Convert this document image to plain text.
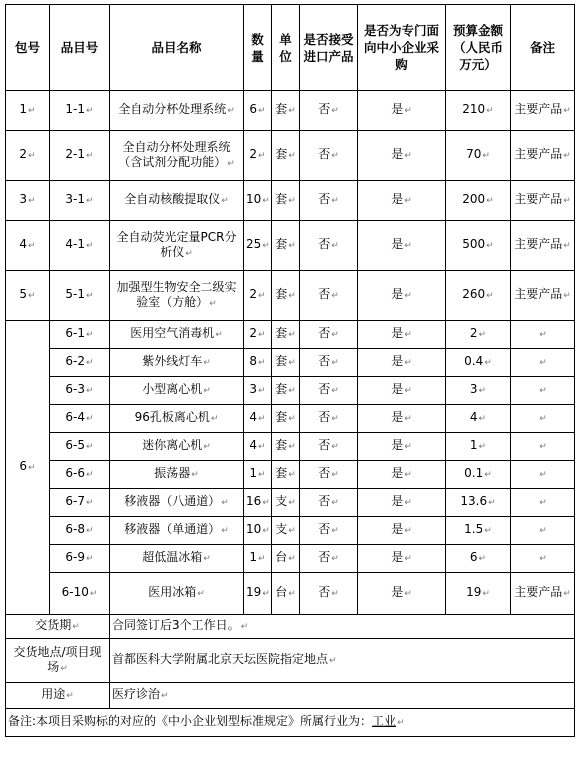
包号	品目号	品目名称	数量	单位	是否接受进口产品	是否为专门面向中小企业采购	预算金额（人民币万元）	备注
1↵	1-1↵	全自动分杯处理系统↵	6↵	套↵	否↵	是↵	210↵	主要产品↵
2↵	2-1↵	全自动分杯处理系统（含试剂分配功能）↵	2↵	套↵	否↵	是↵	70↵	主要产品↵
3↵	3-1↵	全自动核酸提取仪↵	10↵	套↵	否↵	是↵	200↵	主要产品↵
4↵	4-1↵	全自动荧光定量PCR分析仪↵	25↵	套↵	否↵	是↵	500↵	主要产品↵
5↵	5-1↵	加强型生物安全二级实验室（方舱）↵	2↵	套↵	否↵	是↵	260↵	主要产品↵
6↵	6-1↵	医用空气消毒机↵	2↵	套↵	否↵	是↵	2↵	↵
	6-2↵	紫外线灯车↵	8↵	套↵	否↵	是↵	0.4↵	↵
	6-3↵	小型离心机↵	3↵	套↵	否↵	是↵	3↵	↵
	6-4↵	96孔板离心机↵	4↵	套↵	否↵	是↵	4↵	↵
	6-5↵	迷你离心机↵	4↵	套↵	否↵	是↵	1↵	↵
	6-6↵	振荡器↵	1↵	套↵	否↵	是↵	0.1↵	↵
	6-7↵	移液器（八通道）↵	16↵	支↵	否↵	是↵	13.6↵	↵
	6-8↵	移液器（单通道）↵	10↵	支↵	否↵	是↵	1.5↵	↵
	6-9↵	超低温冰箱↵	1↵	台↵	否↵	是↵	6↵	↵
	6-10↵	医用冰箱↵	19↵	台↵	否↵	是↵	19↵	主要产品↵
交货期↵		合同签订后3个工作日。↵						
交货地点/项目现场↵		首都医科大学附属北京天坛医院指定地点↵						
用途↵		医疗诊治↵						
备注:本项目采购标的对应的《中小企业划型标准规定》所属行业为：工业↵								
